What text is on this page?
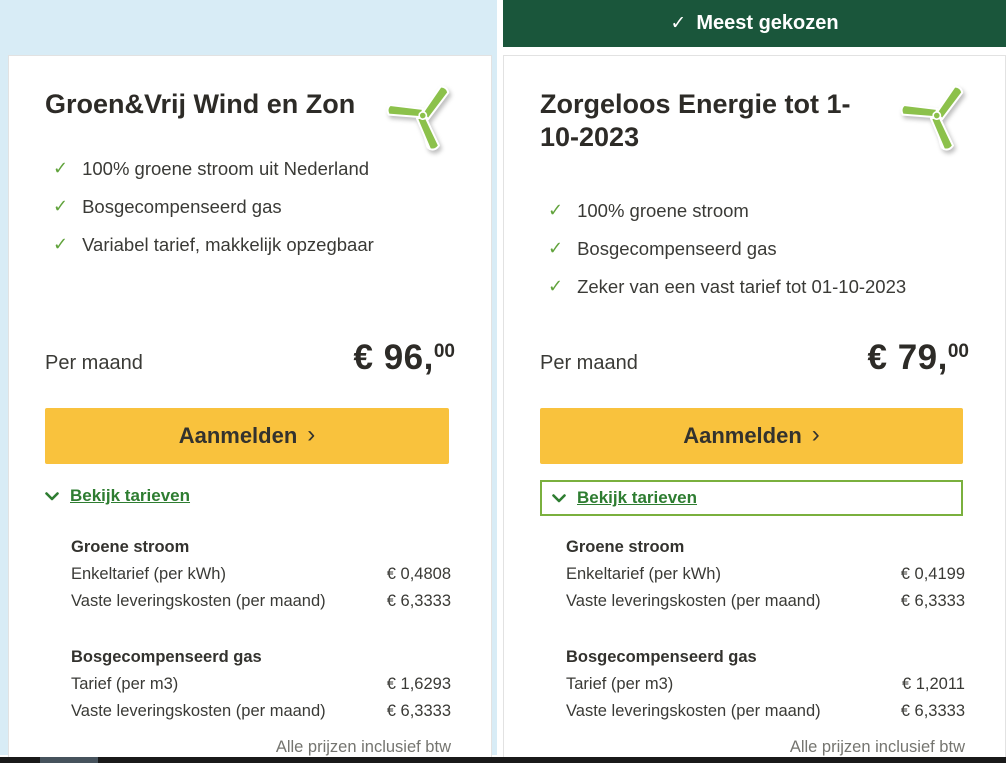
✓ Meest gekozen
Groen&Vrij Wind en Zon
✓ 100% groene stroom uit Nederland
✓ Bosgecompenseerd gas
✓ Variabel tarief, makkelijk opzegbaar
Per maand	€ 96,00
Aanmelden ›
Bekijk tarieven
Groene stroom
Enkeltarief (per kWh)	€ 0,4808
Vaste leveringskosten (per maand)	€ 6,3333
Bosgecompenseerd gas
Tarief (per m3)	€ 1,6293
Vaste leveringskosten (per maand)	€ 6,3333
Alle prijzen inclusief btw
Zorgeloos Energie tot 1-10-2023
✓ 100% groene stroom
✓ Bosgecompenseerd gas
✓ Zeker van een vast tarief tot 01-10-2023
Per maand	€ 79,00
Aanmelden ›
Bekijk tarieven
Groene stroom
Enkeltarief (per kWh)	€ 0,4199
Vaste leveringskosten (per maand)	€ 6,3333
Bosgecompenseerd gas
Tarief (per m3)	€ 1,2011
Vaste leveringskosten (per maand)	€ 6,3333
Alle prijzen inclusief btw
